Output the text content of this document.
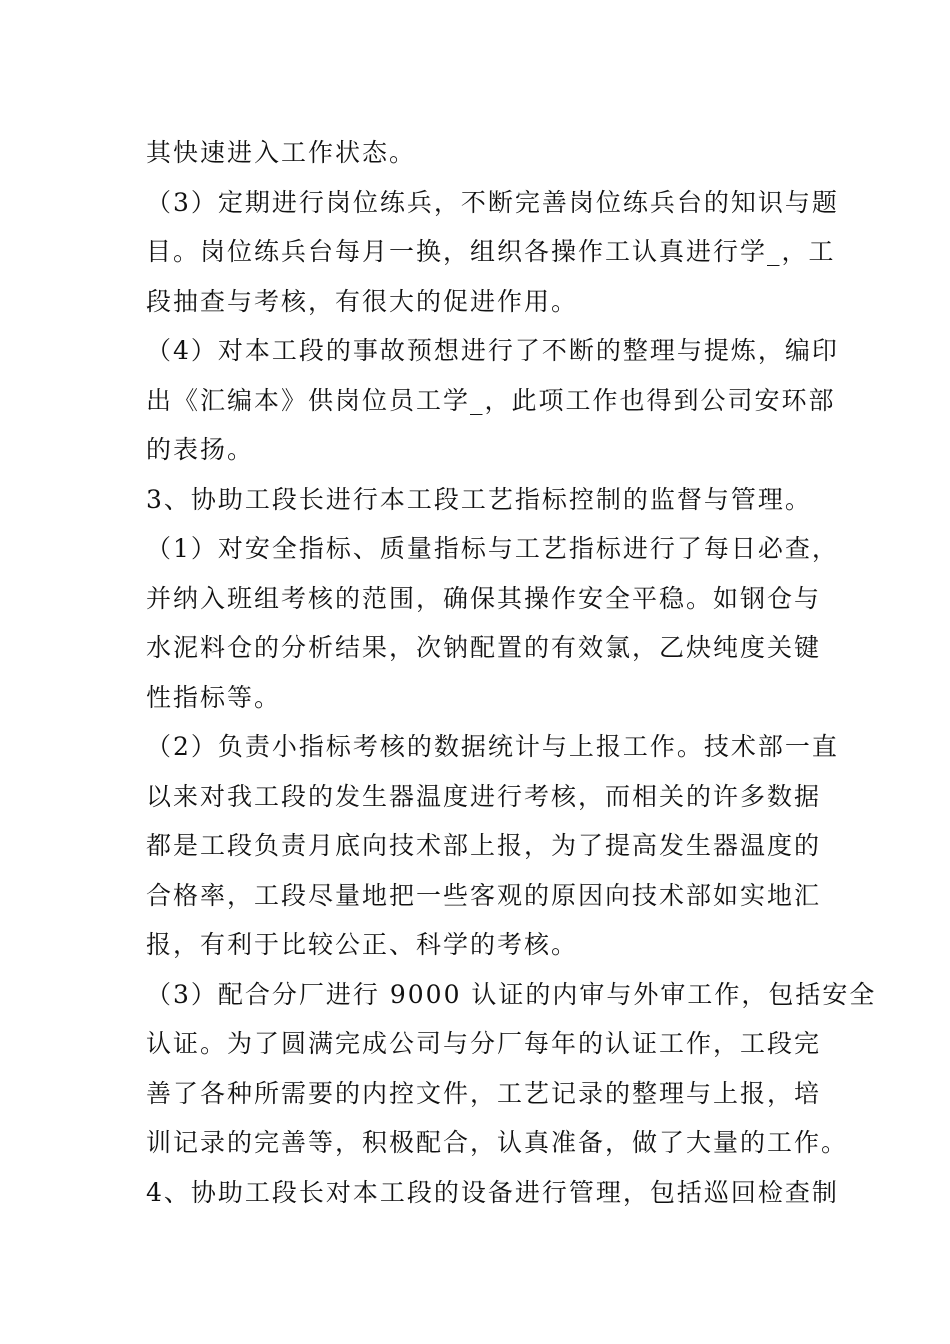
其快速进入工作状态。
（3）定期进行岗位练兵，不断完善岗位练兵台的知识与题
目。岗位练兵台每月一换，组织各操作工认真进行学_，工
段抽查与考核，有很大的促进作用。
（4）对本工段的事故预想进行了不断的整理与提炼，编印
出《汇编本》供岗位员工学_，此项工作也得到公司安环部
的表扬。
3、协助工段长进行本工段工艺指标控制的监督与管理。
（1）对安全指标、质量指标与工艺指标进行了每日必查，
并纳入班组考核的范围，确保其操作安全平稳。如钢仓与
水泥料仓的分析结果，次钠配置的有效氯，乙炔纯度关键
性指标等。
（2）负责小指标考核的数据统计与上报工作。技术部一直
以来对我工段的发生器温度进行考核，而相关的许多数据
都是工段负责月底向技术部上报，为了提高发生器温度的
合格率，工段尽量地把一些客观的原因向技术部如实地汇
报，有利于比较公正、科学的考核。
（3）配合分厂进行 9000 认证的内审与外审工作，包括安全
认证。为了圆满完成公司与分厂每年的认证工作，工段完
善了各种所需要的内控文件，工艺记录的整理与上报，培
训记录的完善等，积极配合，认真准备，做了大量的工作。
4、协助工段长对本工段的设备进行管理，包括巡回检查制
